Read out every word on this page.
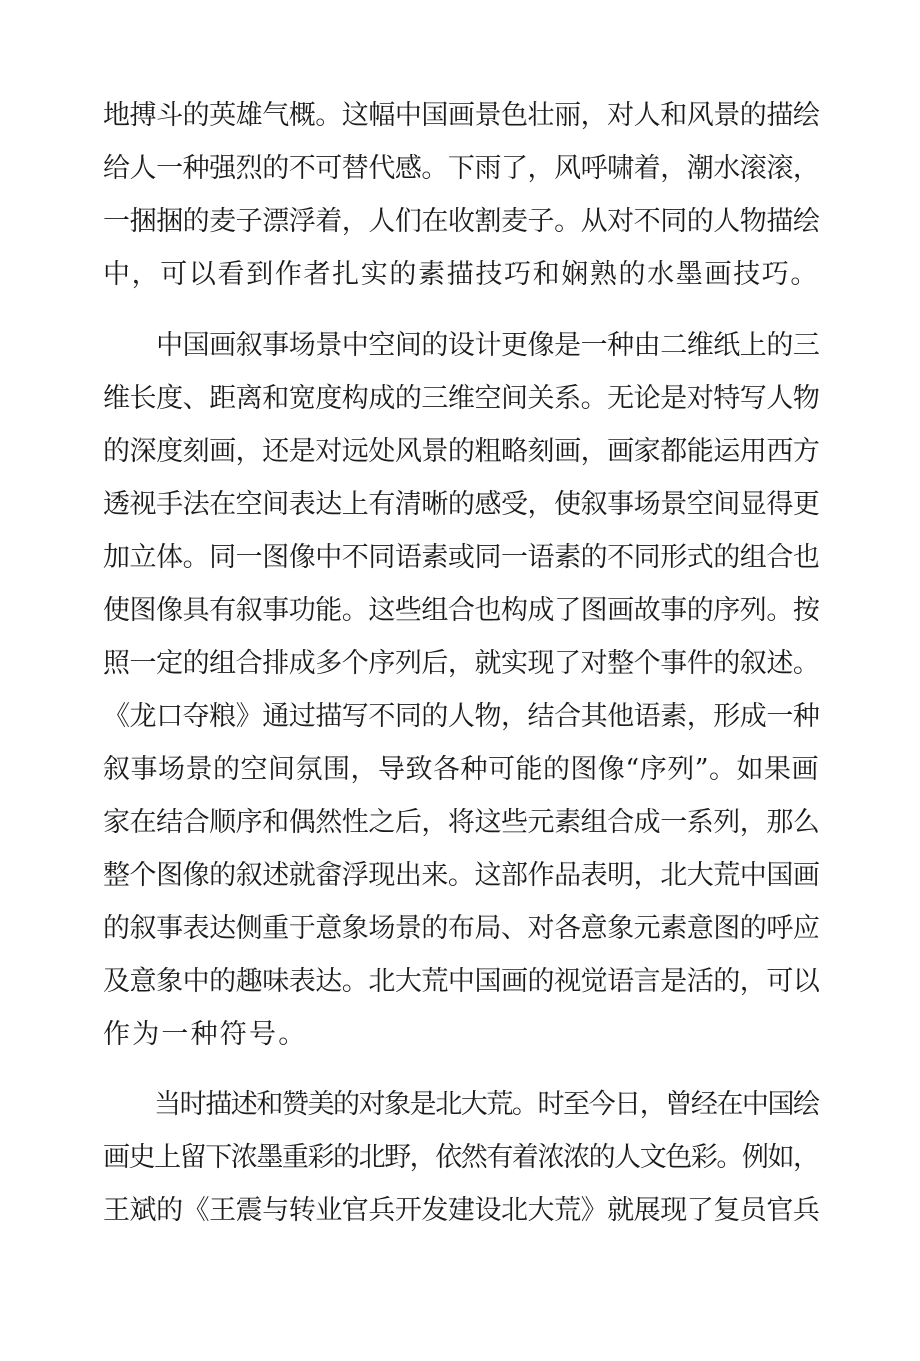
地搏斗的英雄气概。这幅中国画景色壮丽，对人和风景的描绘
给人一种强烈的不可替代感。下雨了，风呼啸着，潮水滚滚，
一捆捆的麦子漂浮着，人们在收割麦子。从对不同的人物描绘
中，可以看到作者扎实的素描技巧和娴熟的水墨画技巧。
　　中国画叙事场景中空间的设计更像是一种由二维纸上的三
维长度、距离和宽度构成的三维空间关系。无论是对特写人物
的深度刻画，还是对远处风景的粗略刻画，画家都能运用西方
透视手法在空间表达上有清晰的感受，使叙事场景空间显得更
加立体。同一图像中不同语素或同一语素的不同形式的组合也
使图像具有叙事功能。这些组合也构成了图画故事的序列。按
照一定的组合排成多个序列后，就实现了对整个事件的叙述。
《龙口夺粮》通过描写不同的人物，结合其他语素，形成一种
叙事场景的空间氛围，导致各种可能的图像“序列”。如果画
家在结合顺序和偶然性之后，将这些元素组合成一系列，那么
整个图像的叙述就畲浮现出来。这部作品表明，北大荒中国画
的叙事表达侧重于意象场景的布局、对各意象元素意图的呼应
及意象中的趣味表达。北大荒中国画的视觉语言是活的，可以
作为一种符号。
　　当时描述和赞美的对象是北大荒。时至今日，曾经在中国绘
画史上留下浓墨重彩的北野，依然有着浓浓的人文色彩。例如，
王斌的《王震与转业官兵开发建设北大荒》就展现了复员官兵
